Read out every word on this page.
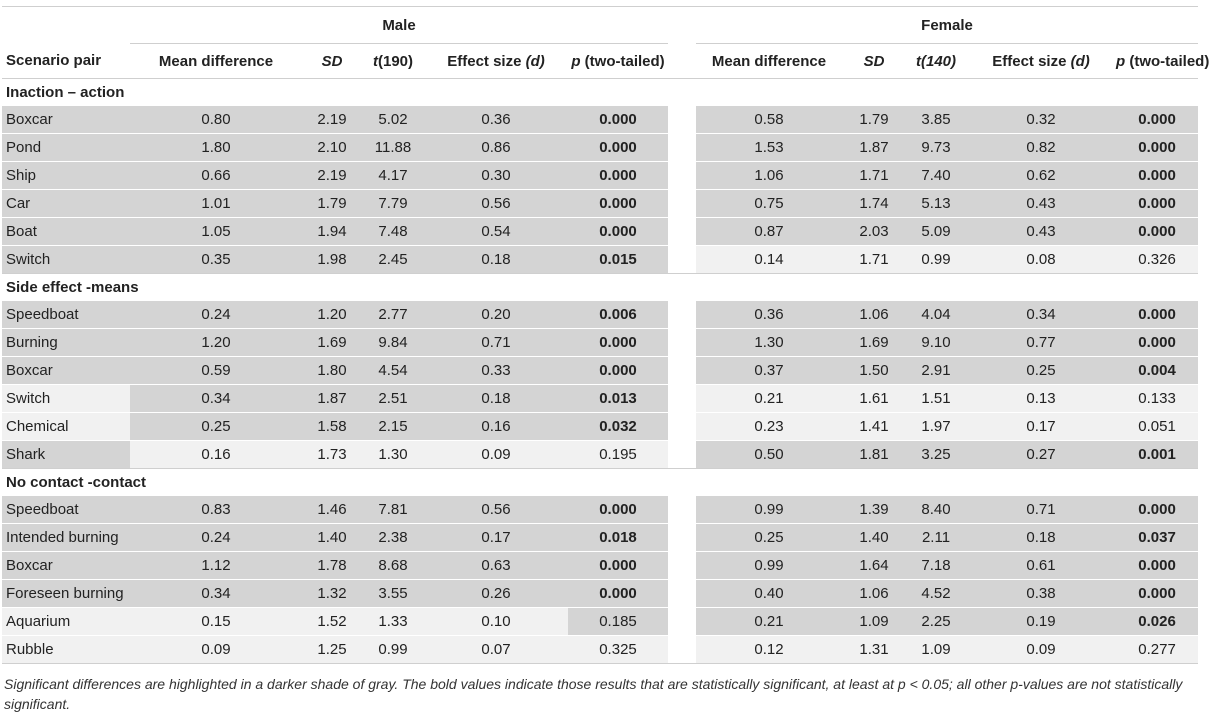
	Male						Female				
Scenario pair	Mean difference	SD	t(190)	Effect size (d)	p (two-tailed)		Mean difference	SD	t(140)	Effect size (d)	p (two-tailed)
Inaction – action											
Boxcar	0.80	2.19	5.02	0.36	0.000		0.58	1.79	3.85	0.32	0.000
Pond	1.80	2.10	11.88	0.86	0.000		1.53	1.87	9.73	0.82	0.000
Ship	0.66	2.19	4.17	0.30	0.000		1.06	1.71	7.40	0.62	0.000
Car	1.01	1.79	7.79	0.56	0.000		0.75	1.74	5.13	0.43	0.000
Boat	1.05	1.94	7.48	0.54	0.000		0.87	2.03	5.09	0.43	0.000
Switch	0.35	1.98	2.45	0.18	0.015		0.14	1.71	0.99	0.08	0.326
Side effect -means											
Speedboat	0.24	1.20	2.77	0.20	0.006		0.36	1.06	4.04	0.34	0.000
Burning	1.20	1.69	9.84	0.71	0.000		1.30	1.69	9.10	0.77	0.000
Boxcar	0.59	1.80	4.54	0.33	0.000		0.37	1.50	2.91	0.25	0.004
Switch	0.34	1.87	2.51	0.18	0.013		0.21	1.61	1.51	0.13	0.133
Chemical	0.25	1.58	2.15	0.16	0.032		0.23	1.41	1.97	0.17	0.051
Shark	0.16	1.73	1.30	0.09	0.195		0.50	1.81	3.25	0.27	0.001
No contact -contact											
Speedboat	0.83	1.46	7.81	0.56	0.000		0.99	1.39	8.40	0.71	0.000
Intended burning	0.24	1.40	2.38	0.17	0.018		0.25	1.40	2.11	0.18	0.037
Boxcar	1.12	1.78	8.68	0.63	0.000		0.99	1.64	7.18	0.61	0.000
Foreseen burning	0.34	1.32	3.55	0.26	0.000		0.40	1.06	4.52	0.38	0.000
Aquarium	0.15	1.52	1.33	0.10	0.185		0.21	1.09	2.25	0.19	0.026
Rubble	0.09	1.25	0.99	0.07	0.325		0.12	1.31	1.09	0.09	0.277
Significant differences are highlighted in a darker shade of gray. The bold values indicate those results that are statistically significant, at least at p < 0.05; all other p-values are not statistically significant.
